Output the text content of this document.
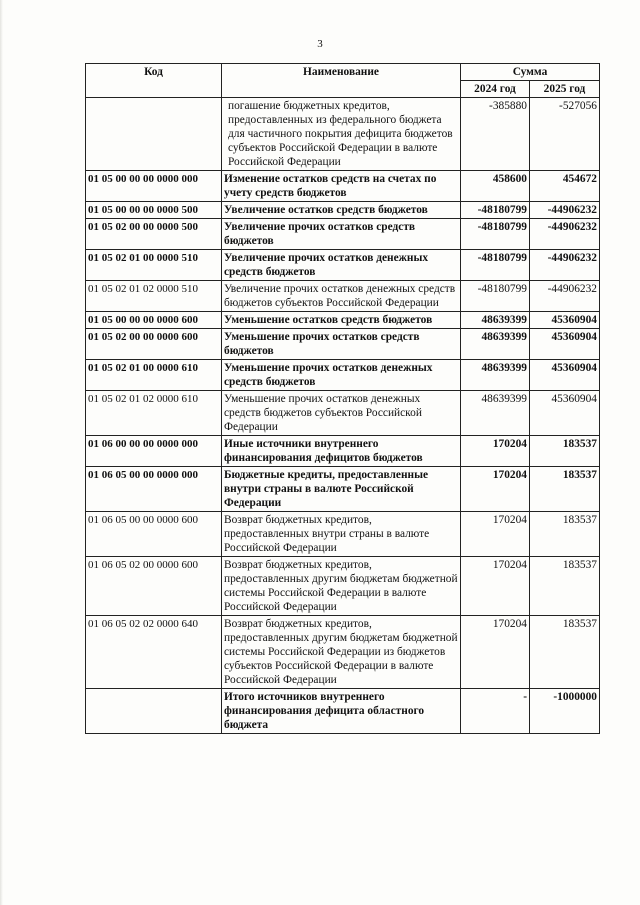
3
Код	Наименование	Сумма	
		2024 год	2025 год
	погашение бюджетных кредитов, предоставленных из федерального бюджета для частичного покрытия дефицита бюджетов субъектов Российской Федерации в валюте Российской Федерации	-385880	-527056
01 05 00 00 00 0000 000	Изменение остатков средств на счетах по учету средств бюджетов	458600	454672
01 05 00 00 00 0000 500	Увеличение остатков средств бюджетов	-48180799	-44906232
01 05 02 00 00 0000 500	Увеличение прочих остатков средств бюджетов	-48180799	-44906232
01 05 02 01 00 0000 510	Увеличение прочих остатков денежных средств бюджетов	-48180799	-44906232
01 05 02 01 02 0000 510	Увеличение прочих остатков денежных средств бюджетов субъектов Российской Федерации	-48180799	-44906232
01 05 00 00 00 0000 600	Уменьшение остатков средств бюджетов	48639399	45360904
01 05 02 00 00 0000 600	Уменьшение прочих остатков средств бюджетов	48639399	45360904
01 05 02 01 00 0000 610	Уменьшение прочих остатков денежных средств бюджетов	48639399	45360904
01 05 02 01 02 0000 610	Уменьшение прочих остатков денежных средств бюджетов субъектов Российской Федерации	48639399	45360904
01 06 00 00 00 0000 000	Иные источники внутреннего финансирования дефицитов бюджетов	170204	183537
01 06 05 00 00 0000 000	Бюджетные кредиты, предоставленные внутри страны в валюте Российской Федерации	170204	183537
01 06 05 00 00 0000 600	Возврат бюджетных кредитов, предоставленных внутри страны в валюте Российской Федерации	170204	183537
01 06 05 02 00 0000 600	Возврат бюджетных кредитов, предоставленных другим бюджетам бюджетной системы Российской Федерации в валюте Российской Федерации	170204	183537
01 06 05 02 02 0000 640	Возврат бюджетных кредитов, предоставленных другим бюджетам бюджетной системы Российской Федерации из бюджетов субъектов Российской Федерации в валюте Российской Федерации	170204	183537
	Итого источников внутреннего финансирования дефицита областного бюджета	-	-1000000
